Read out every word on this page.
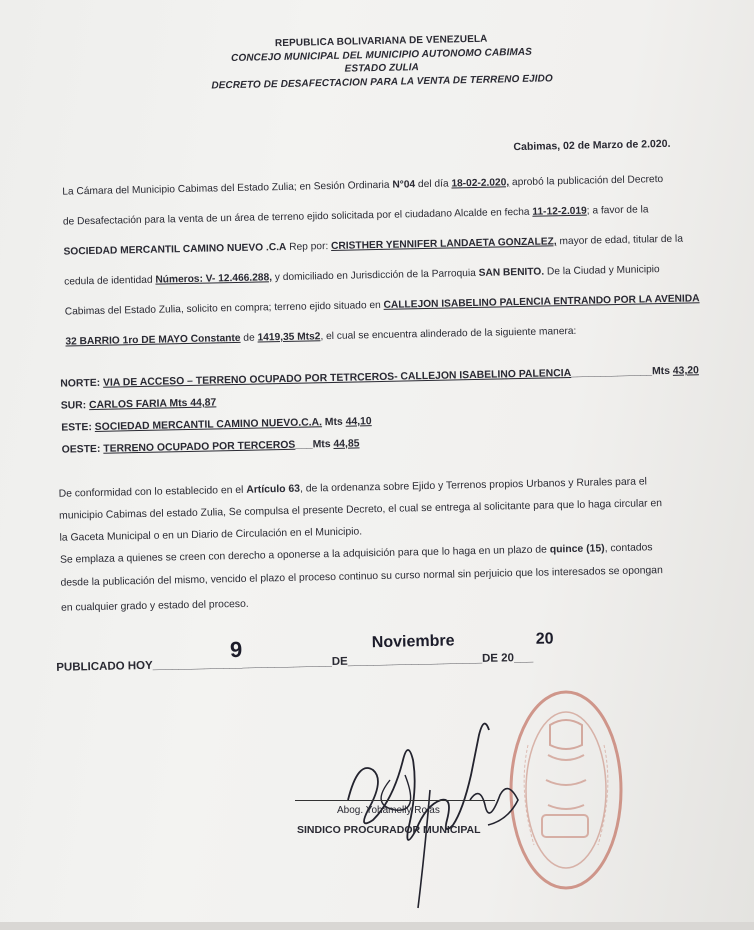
REPUBLICA BOLIVARIANA DE VENEZUELA
CONCEJO MUNICIPAL DEL MUNICIPIO AUTONOMO CABIMAS
ESTADO ZULIA
DECRETO DE DESAFECTACION PARA LA VENTA DE TERRENO EJIDO
Cabimas, 02 de Marzo de 2.020.
La Cámara del Municipio Cabimas del Estado Zulia; en Sesión Ordinaria N°04 del día 18-02-2.020, aprobó la publicación del Decreto
de Desafectación para la venta de un área de terreno ejido solicitada por el ciudadano Alcalde en fecha 11-12-2.019; a favor de la
SOCIEDAD MERCANTIL CAMINO NUEVO .C.A Rep por: CRISTHER YENNIFER LANDAETA GONZALEZ, mayor de edad, titular de la
cedula de identidad Números: V- 12.466.288, y domiciliado en Jurisdicción de la Parroquia SAN BENITO. De la Ciudad y Municipio
Cabimas del Estado Zulia, solicito en compra; terreno ejido situado en CALLEJON ISABELINO PALENCIA ENTRANDO POR LA AVENIDA
32 BARRIO 1ro DE MAYO Constante de 1419,35 Mts2, el cual se encuentra alinderado de la siguiente manera:
NORTE: VIA DE ACCESO – TERRENO OCUPADO POR TETRCEROS- CALLEJON ISABELINO PALENCIA______________Mts 43,20
SUR: CARLOS FARIA Mts 44,87
ESTE: SOCIEDAD MERCANTIL CAMINO NUEVO.C.A. Mts 44,10
OESTE: TERRENO OCUPADO POR TERCEROS___Mts 44,85
De conformidad con lo establecido en el Artículo 63, de la ordenanza sobre Ejido y Terrenos propios Urbanos y Rurales para el
municipio Cabimas del estado Zulia, Se compulsa el presente Decreto, el cual se entrega al solicitante para que lo haga circular en
la Gaceta Municipal o en un Diario de Circulación en el Municipio.
Se emplaza a quienes se creen con derecho a oponerse a la adquisición para que lo haga en un plazo de quince (15), contados
desde la publicación del mismo, vencido el plazo el proceso continuo su curso normal sin perjuicio que los interesados se opongan
en cualquier grado y estado del proceso.
PUBLICADO HOY____________________________DE_____________________DE 20___
9	Noviembre	20
Abog. Yohamelly Rojas
SINDICO PROCURADOR MUNICIPAL
